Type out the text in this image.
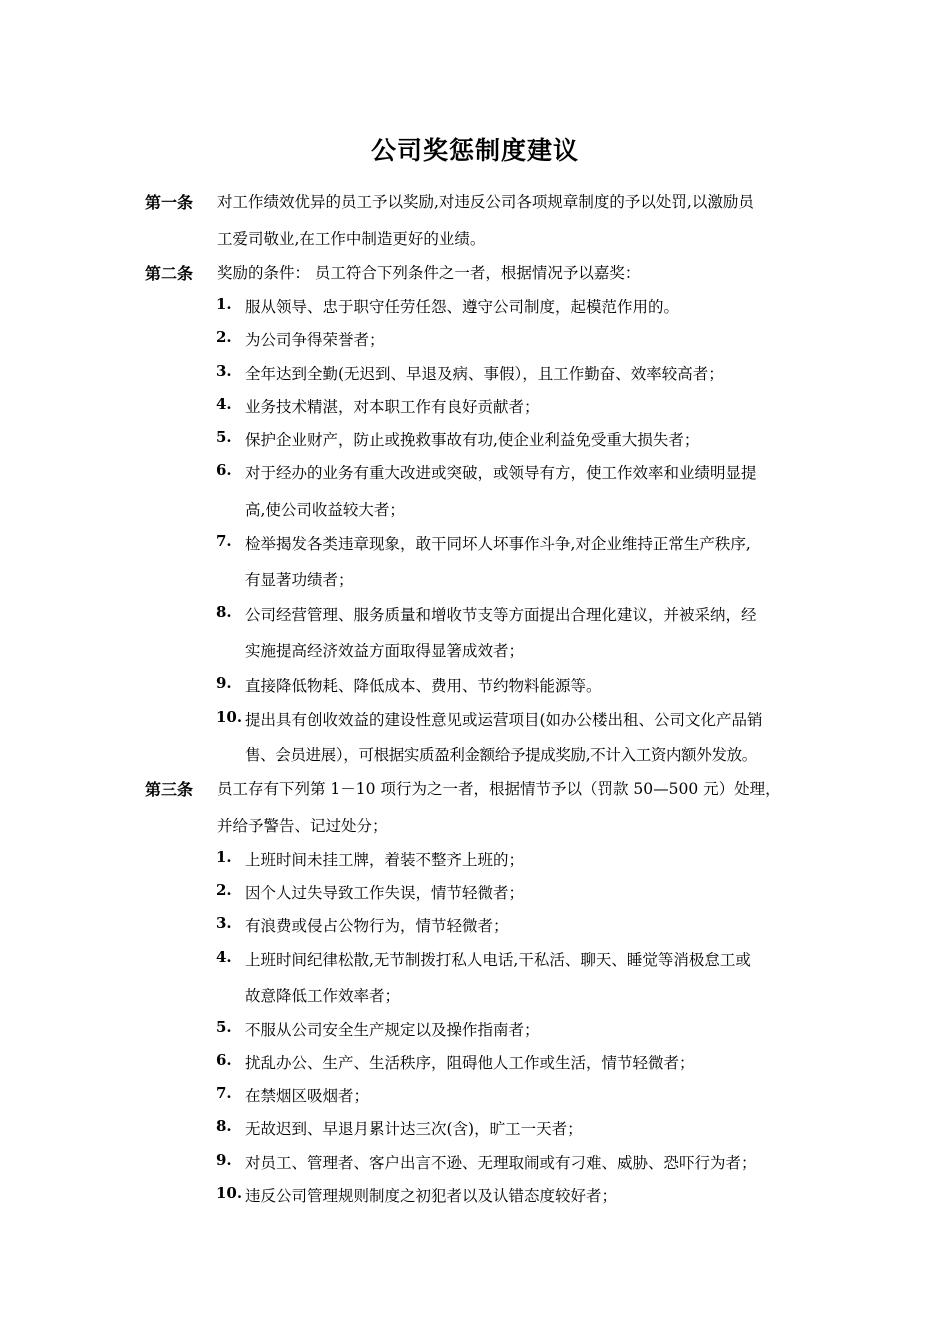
公司奖惩制度建议
第一条 对工作绩效优异的员工予以奖励,对违反公司各项规章制度的予以处罚,以激励员
工爱司敬业,在工作中制造更好的业绩。
第二条 奖励的条件： 员工符合下列条件之一者，根据情况予以嘉奖：
1. 服从领导、忠于职守任劳任怨、遵守公司制度，起模范作用的。
2. 为公司争得荣誉者；
3. 全年达到全勤(无迟到、早退及病、事假），且工作勤奋、效率较高者；
4. 业务技术精湛，对本职工作有良好贡献者；
5. 保护企业财产，防止或挽救事故有功,使企业利益免受重大损失者；
6. 对于经办的业务有重大改进或突破，或领导有方，使工作效率和业绩明显提
高,使公司收益较大者；
7. 检举揭发各类违章现象，敢干同坏人坏事作斗争,对企业维持正常生产秩序,
有显著功绩者；
8. 公司经营管理、服务质量和增收节支等方面提出合理化建议，并被采纳，经
实施提高经济效益方面取得显箸成效者；
9. 直接降低物耗、降低成本、费用、节约物料能源等。
10. 提出具有创收效益的建设性意见或运营项目(如办公楼出租、公司文化产品销
售、会员进展），可根据实质盈利金额给予提成奖励,不计入工资内额外发放。
第三条 员工存有下列第 1－10 项行为之一者，根据情节予以（罚款 50—500 元）处理，
并给予警告、记过处分；
1. 上班时间未挂工牌，着装不整齐上班的；
2. 因个人过失导致工作失误，情节轻微者；
3. 有浪费或侵占公物行为，情节轻微者；
4. 上班时间纪律松散,无节制拨打私人电话,干私活、聊天、睡觉等消极怠工或
故意降低工作效率者；
5. 不服从公司安全生产规定以及操作指南者；
6. 扰乱办公、生产、生活秩序，阻碍他人工作或生活，情节轻微者；
7. 在禁烟区吸烟者；
8. 无故迟到、早退月累计达三次(含)，旷工一天者；
9. 对员工、管理者、客户出言不逊、无理取闹或有刁难、威胁、恐吓行为者；
10. 违反公司管理规则制度之初犯者以及认错态度较好者；
